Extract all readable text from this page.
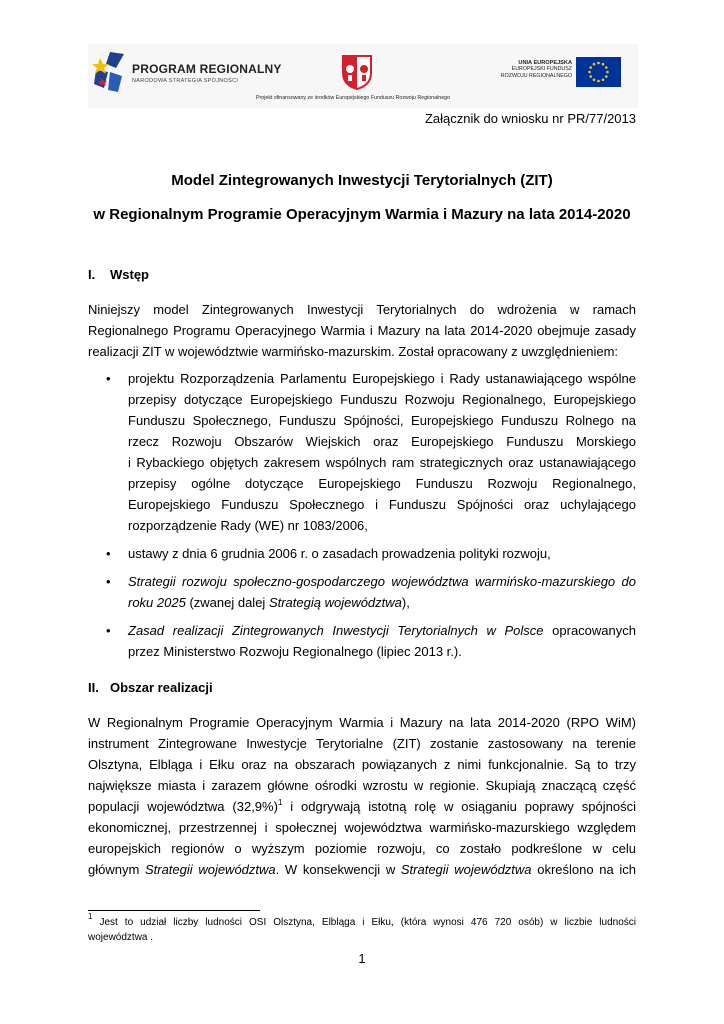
PROGRAM REGIONALNY
NARODOWA STRATEGIA SPÓJNOŚCI
Projekt sfinansowany ze środków Europejskiego Funduszu Rozwoju Regionalnego
UNIA EUROPEJSKA
EUROPEJSKI FUNDUSZ
ROZWOJU REGIONALNEGO
Załącznik do wniosku nr PR/77/2013
Model Zintegrowanych Inwestycji Terytorialnych (ZIT)
w Regionalnym Programie Operacyjnym Warmia i Mazury na lata 2014-2020
I. Wstęp
Niniejszy model Zintegrowanych Inwestycji Terytorialnych do wdrożenia w ramach
Regionalnego Programu Operacyjnego Warmia i Mazury na lata 2014-2020 obejmuje zasady
realizacji ZIT w województwie warmińsko-mazurskim. Został opracowany z uwzględnieniem:
• projektu Rozporządzenia Parlamentu Europejskiego i Rady ustanawiającego wspólne
przepisy dotyczące Europejskiego Funduszu Rozwoju Regionalnego, Europejskiego
Funduszu Społecznego, Funduszu Spójności, Europejskiego Funduszu Rolnego na
rzecz Rozwoju Obszarów Wiejskich oraz Europejskiego Funduszu Morskiego
i Rybackiego objętych zakresem wspólnych ram strategicznych oraz ustanawiającego
przepisy ogólne dotyczące Europejskiego Funduszu Rozwoju Regionalnego,
Europejskiego Funduszu Społecznego i Funduszu Spójności oraz uchylającego
rozporządzenie Rady (WE) nr 1083/2006,
• ustawy z dnia 6 grudnia 2006 r. o zasadach prowadzenia polityki rozwoju,
• Strategii rozwoju społeczno-gospodarczego województwa warmińsko-mazurskiego do
roku 2025 (zwanej dalej Strategią województwa),
• Zasad realizacji Zintegrowanych Inwestycji Terytorialnych w Polsce opracowanych
przez Ministerstwo Rozwoju Regionalnego (lipiec 2013 r.).
II. Obszar realizacji
W Regionalnym Programie Operacyjnym Warmia i Mazury na lata 2014-2020 (RPO WiM)
instrument Zintegrowane Inwestycje Terytorialne (ZIT) zostanie zastosowany na terenie
Olsztyna, Elbląga i Ełku oraz na obszarach powiązanych z nimi funkcjonalnie. Są to trzy
największe miasta i zarazem główne ośrodki wzrostu w regionie. Skupiają znaczącą część
populacji województwa $(32,9\%)^1$ i odgrywają istotną rolę w osiąganiu poprawy spójności
ekonomicznej, przestrzennej i społecznej województwa warmińsko-mazurskiego względem
europejskich regionów o wyższym poziomie rozwoju, co zostało podkreślone w celu
głównym Strategii województwa. W konsekwencji w Strategii województwa określono na ich
$^1$ Jest to udział liczby ludności OSI Olsztyna, Elbląga i Ełku, (która wynosi 476 720 osób) w liczbie ludności
województwa .
1
